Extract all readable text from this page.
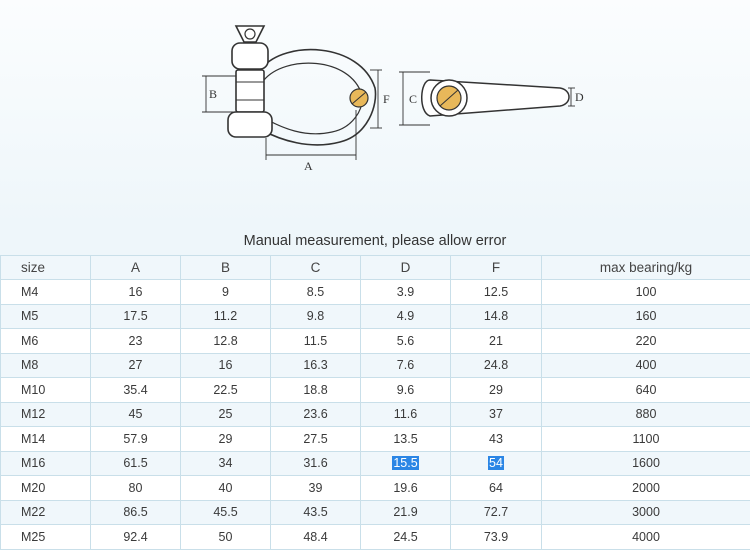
B	F
A
C	D
Manual measurement, please allow error
size	A	B	C	D	F	max bearing/kg
M4	16	9	8.5	3.9	12.5	100
M5	17.5	11.2	9.8	4.9	14.8	160
M6	23	12.8	11.5	5.6	21	220
M8	27	16	16.3	7.6	24.8	400
M10	35.4	22.5	18.8	9.6	29	640
M12	45	25	23.6	11.6	37	880
M14	57.9	29	27.5	13.5	43	1100
M16	61.5	34	31.6	15.5	54	1600
M20	80	40	39	19.6	64	2000
M22	86.5	45.5	43.5	21.9	72.7	3000
M25	92.4	50	48.4	24.5	73.9	4000
